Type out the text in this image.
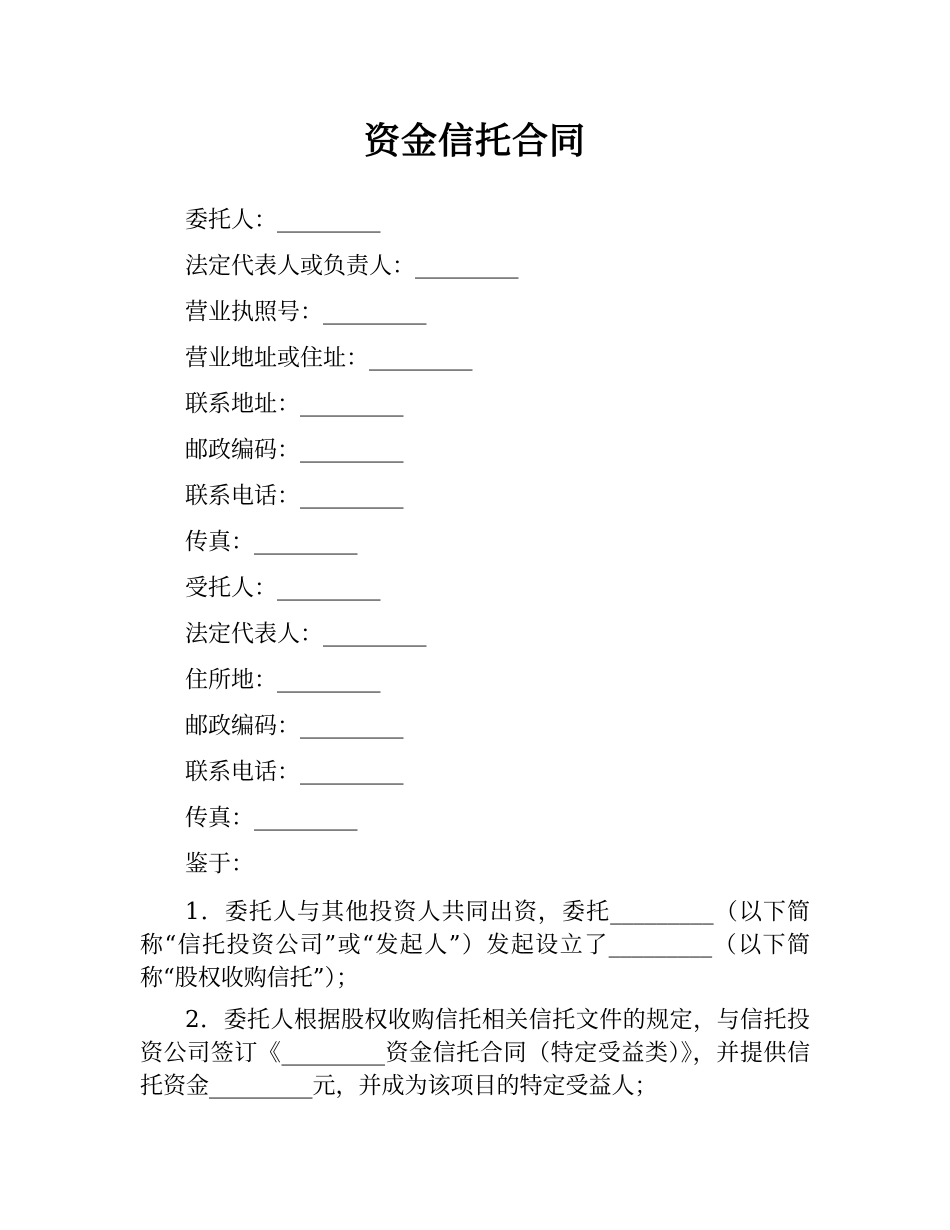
资金信托合同
委托人：_________
法定代表人或负责人：_________
营业执照号：_________
营业地址或住址：_________
联系地址：_________
邮政编码：_________
联系电话：_________
传真：_________
受托人：_________
法定代表人：_________
住所地：_________
邮政编码：_________
联系电话：_________
传真：_________
鉴于：
1．委托人与其他投资人共同出资，委托_________（以下简称“信托投资公司”或“发起人”）发起设立了_________（以下简称“股权收购信托”）；
2．委托人根据股权收购信托相关信托文件的规定，与信托投资公司签订《_________资金信托合同（特定受益类）》，并提供信托资金_________元，并成为该项目的特定受益人；
